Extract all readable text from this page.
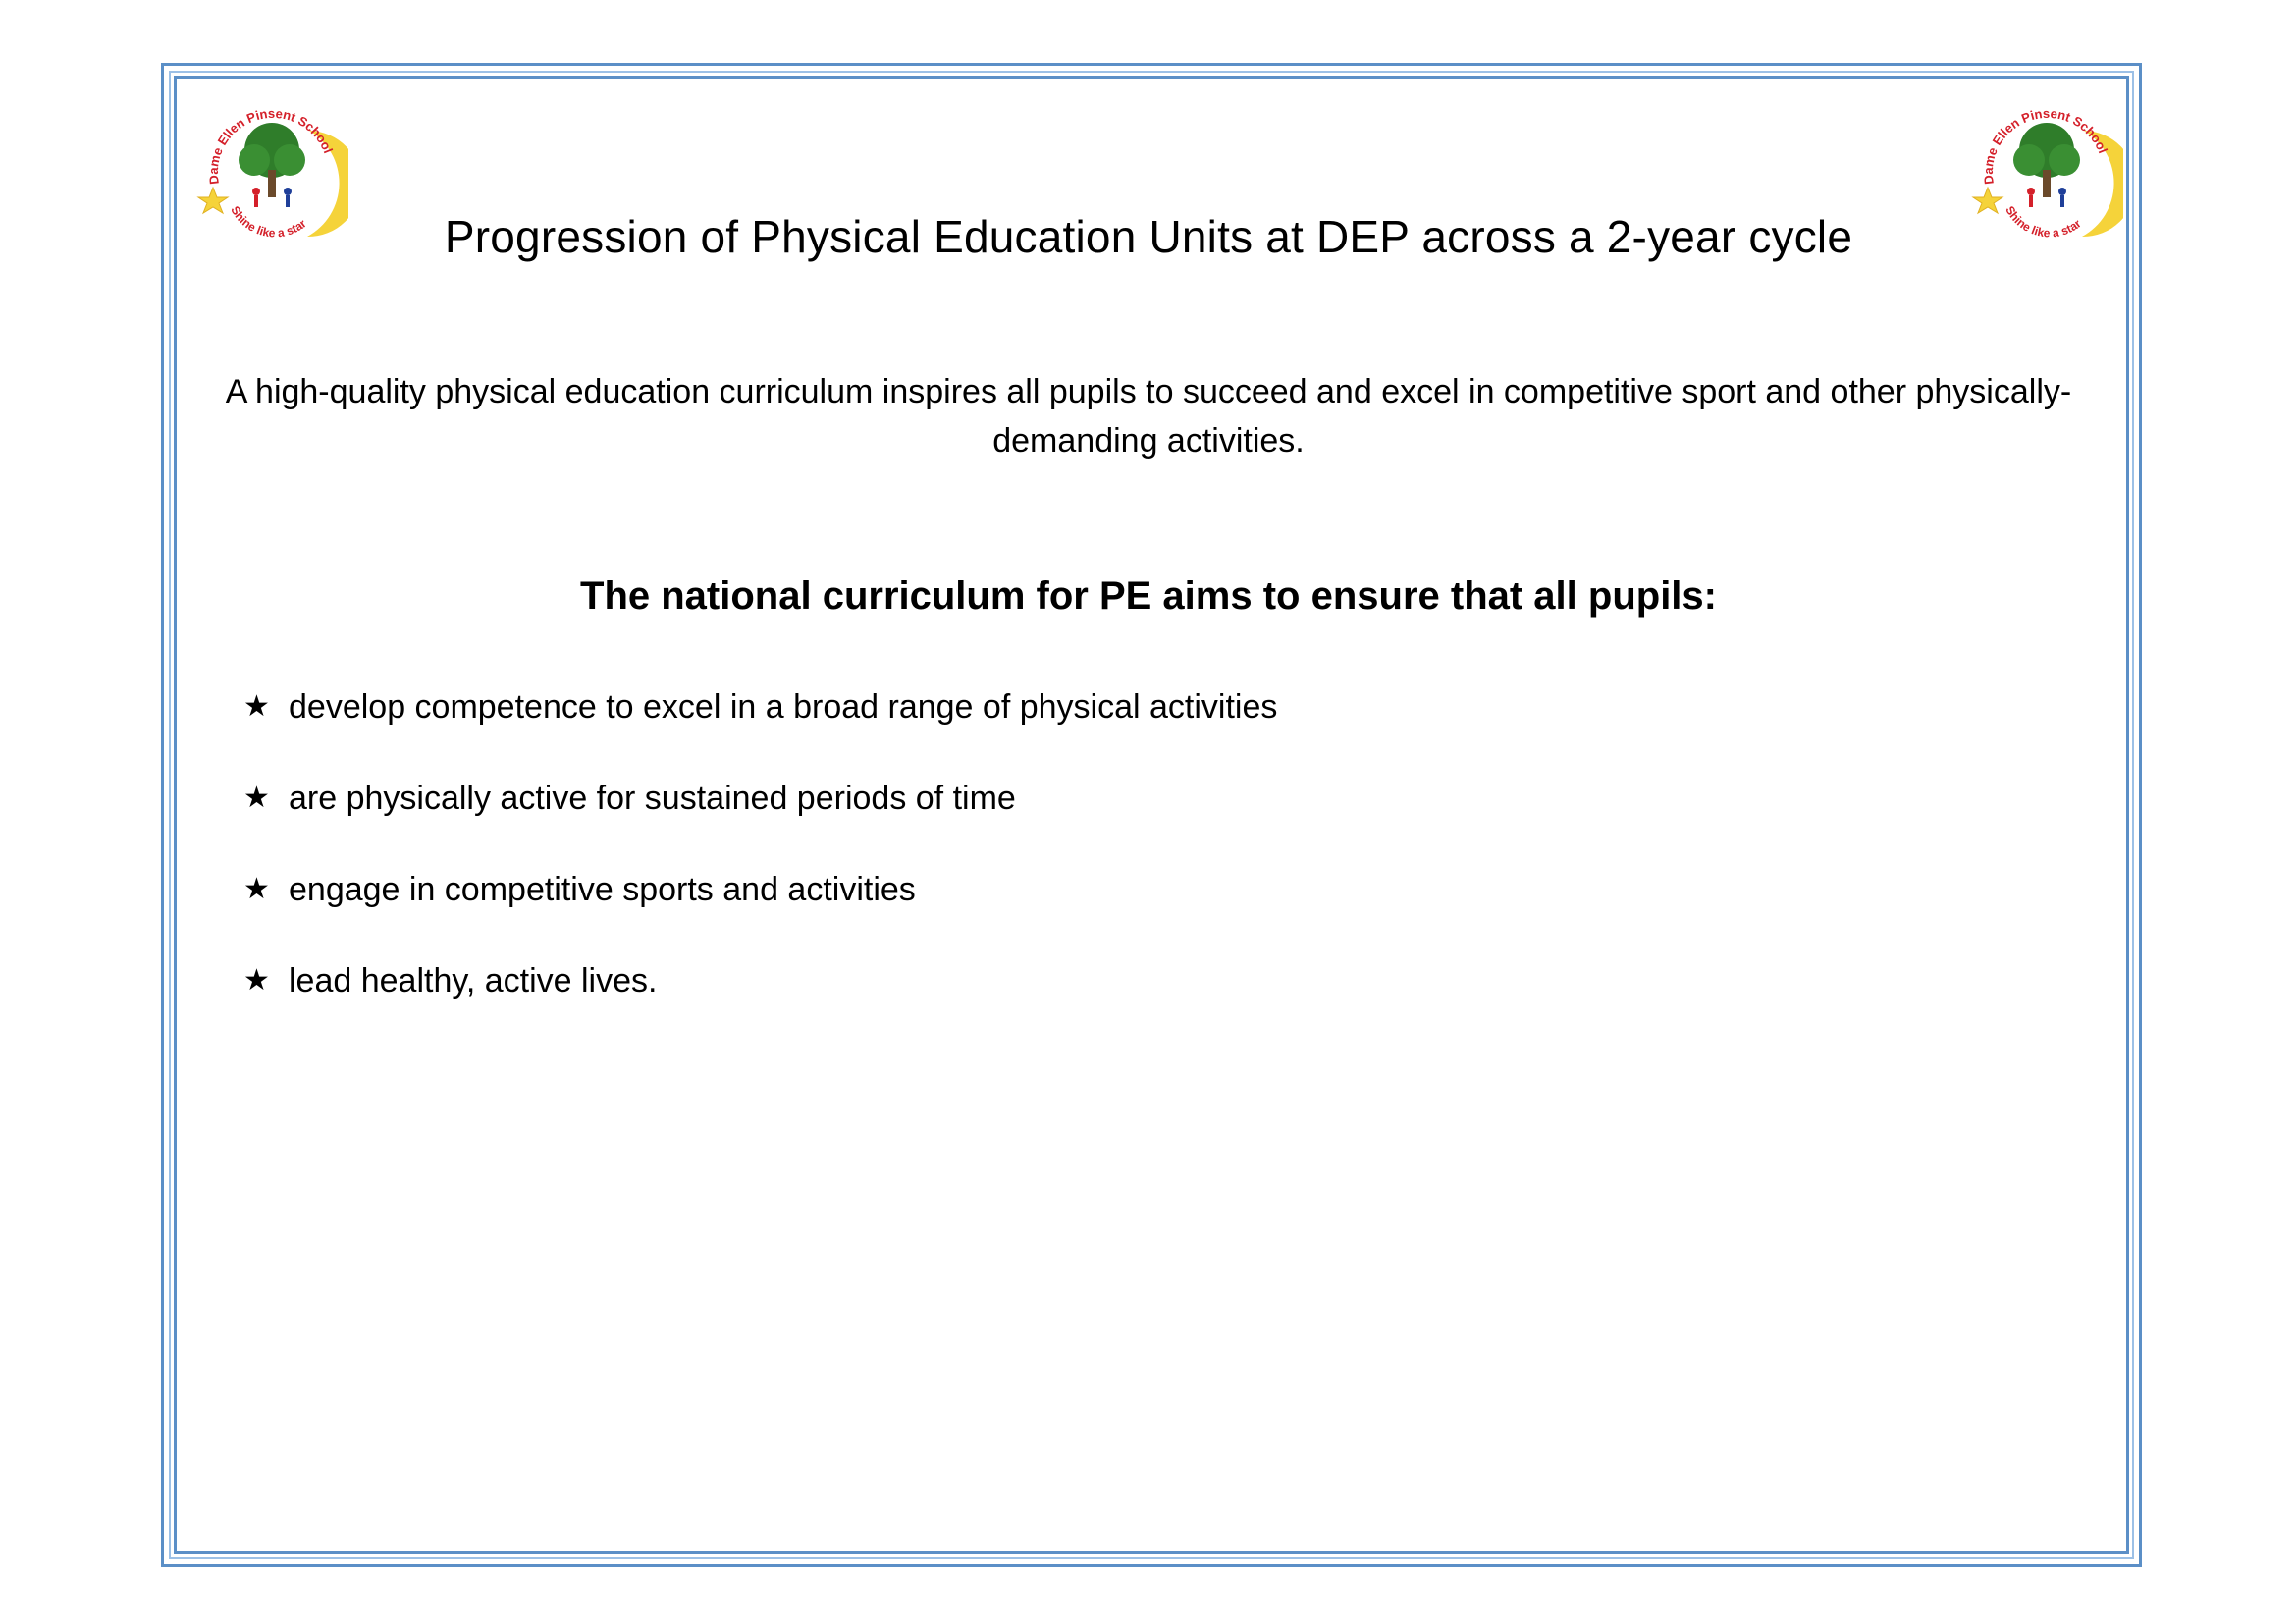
Dame Ellen Pinsent School
Shine like a star
Dame Ellen Pinsent School
Shine like a star
Progression of Physical Education Units at DEP across a 2-year cycle

A high-quality physical education curriculum inspires all pupils to succeed and excel in competitive sport and other physically-demanding activities.

The national curriculum for PE aims to ensure that all pupils:
★ develop competence to excel in a broad range of physical activities
★ are physically active for sustained periods of time
★ engage in competitive sports and activities
★ lead healthy, active lives.
